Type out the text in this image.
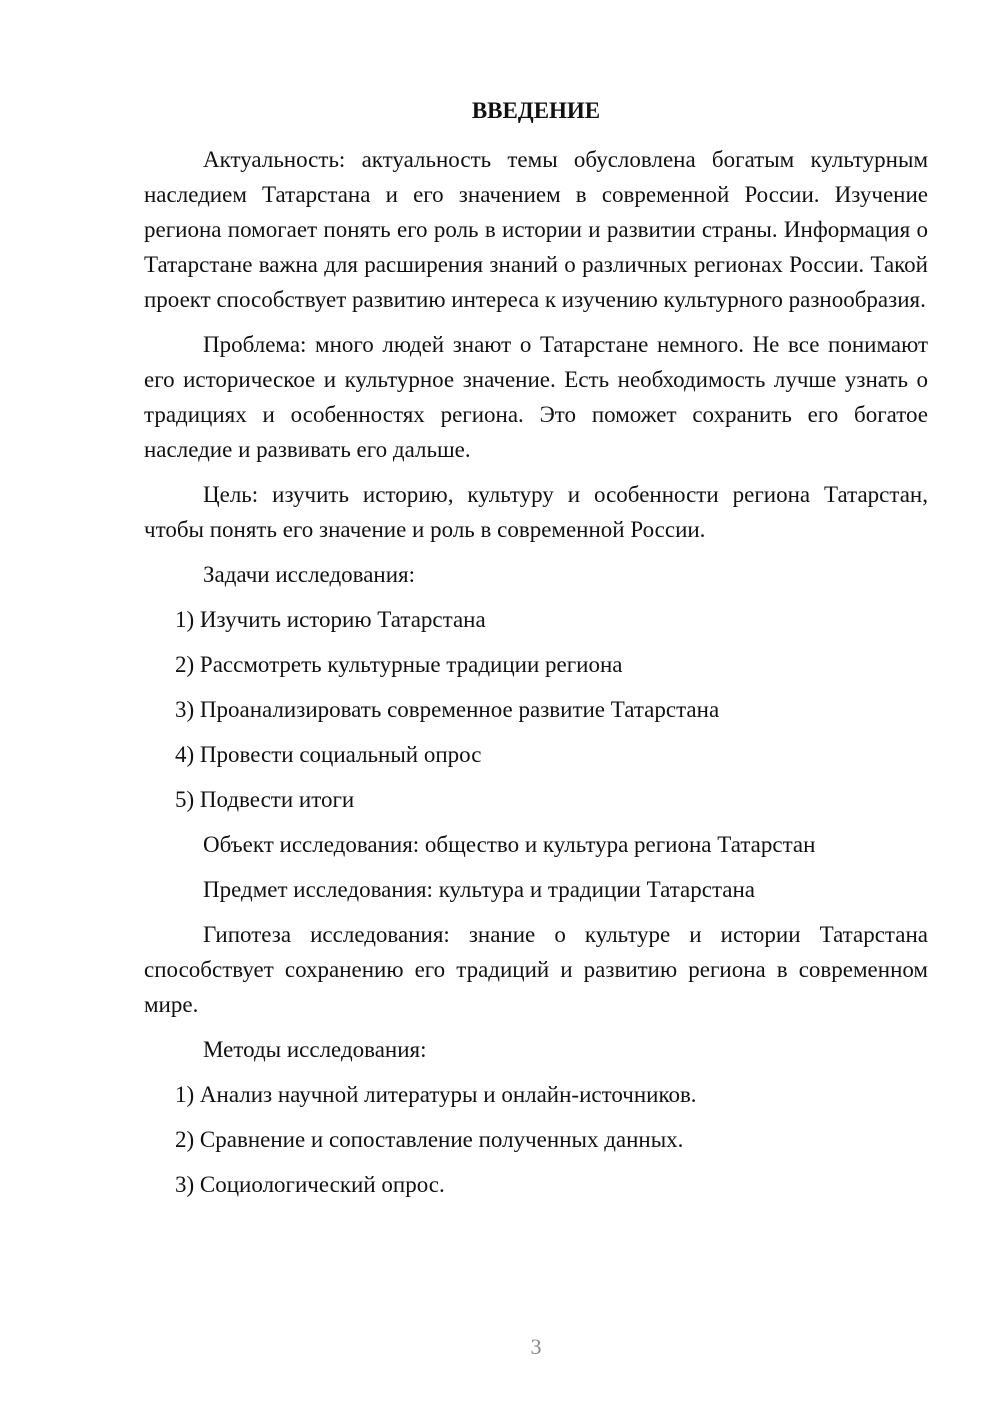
ВВЕДЕНИЕ

Актуальность: актуальность темы обусловлена богатым культурным наследием Татарстана и его значением в современной России. Изучение региона помогает понять его роль в истории и развитии страны. Информация о Татарстане важна для расширения знаний о различных регионах России. Такой проект способствует развитию интереса к изучению культурного разнообразия.

Проблема: много людей знают о Татарстане немного. Не все понимают его историческое и культурное значение. Есть необходимость лучше узнать о традициях и особенностях региона. Это поможет сохранить его богатое наследие и развивать его дальше.

Цель: изучить историю, культуру и особенности региона Татарстан, чтобы понять его значение и роль в современной России.

Задачи исследования:
1) Изучить историю Татарстана
2) Рассмотреть культурные традиции региона
3) Проанализировать современное развитие Татарстана
4) Провести социальный опрос
5) Подвести итоги
Объект исследования: общество и культура региона Татарстан
Предмет исследования: культура и традиции Татарстана

Гипотеза исследования: знание о культуре и истории Татарстана способствует сохранению его традиций и развитию региона в современном мире.

Методы исследования:
1) Анализ научной литературы и онлайн-источников.
2) Сравнение и сопоставление полученных данных.
3) Социологический опрос.
3
